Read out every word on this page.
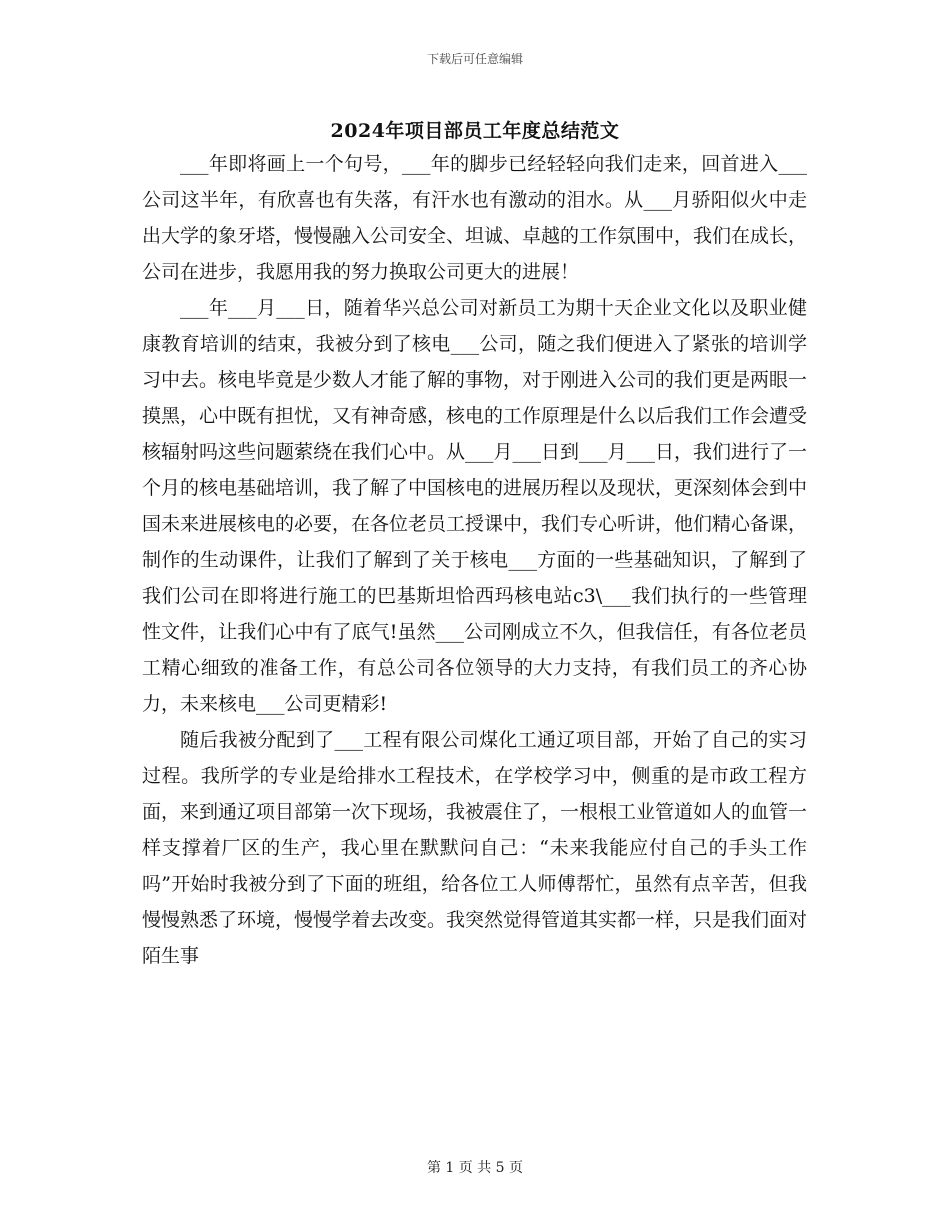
下载后可任意编辑
2024年项目部员工年度总结范文

___年即将画上一个句号，___年的脚步已经轻轻向我们走来，回首进入___公司这半年，有欣喜也有失落，有汗水也有激动的泪水。从___月骄阳似火中走出大学的象牙塔，慢慢融入公司安全、坦诚、卓越的工作氛围中，我们在成长，公司在进步，我愿用我的努力换取公司更大的进展！

___年___月___日，随着华兴总公司对新员工为期十天企业文化以及职业健康教育培训的结束，我被分到了核电___公司，随之我们便进入了紧张的培训学习中去。核电毕竟是少数人才能了解的事物，对于刚进入公司的我们更是两眼一摸黑，心中既有担忧，又有神奇感，核电的工作原理是什么以后我们工作会遭受核辐射吗这些问题萦绕在我们心中。从___月___日到___月___日，我们进行了一个月的核电基础培训，我了解了中国核电的进展历程以及现状，更深刻体会到中国未来进展核电的必要，在各位老员工授课中，我们专心听讲，他们精心备课，制作的生动课件，让我们了解到了关于核电___方面的一些基础知识，了解到了我们公司在即将进行施工的巴基斯坦恰西玛核电站c3\___我们执行的一些管理性文件，让我们心中有了底气!虽然___公司刚成立不久，但我信任，有各位老员工精心细致的准备工作，有总公司各位领导的大力支持，有我们员工的齐心协力，未来核电___公司更精彩!

随后我被分配到了___工程有限公司煤化工通辽项目部，开始了自己的实习过程。我所学的专业是给排水工程技术，在学校学习中，侧重的是市政工程方面，来到通辽项目部第一次下现场，我被震住了，一根根工业管道如人的血管一样支撑着厂区的生产，我心里在默默问自己：“未来我能应付自己的手头工作吗”开始时我被分到了下面的班组，给各位工人师傅帮忙，虽然有点辛苦，但我慢慢熟悉了环境，慢慢学着去改变。我突然觉得管道其实都一样，只是我们面对陌生事

第 1 页 共 5 页
